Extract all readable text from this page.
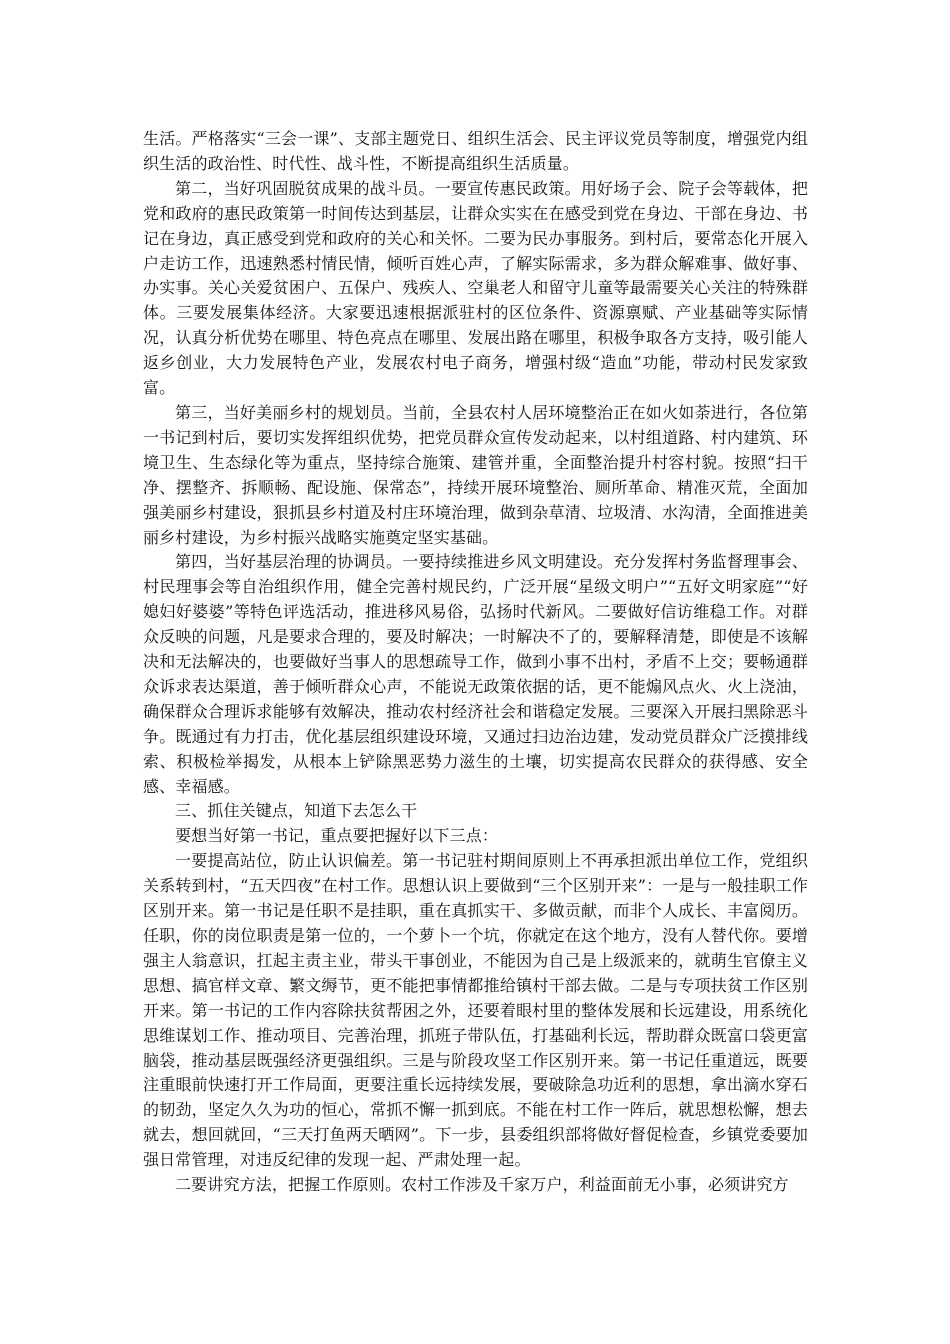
生活。严格落实“三会一课”、支部主题党日、组织生活会、民主评议党员等制度，增强党内组织生活的政治性、时代性、战斗性，不断提高组织生活质量。

第二，当好巩固脱贫成果的战斗员。一要宣传惠民政策。用好场子会、院子会等载体，把党和政府的惠民政策第一时间传达到基层，让群众实实在在感受到党在身边、干部在身边、书记在身边，真正感受到党和政府的关心和关怀。二要为民办事服务。到村后，要常态化开展入户走访工作，迅速熟悉村情民情，倾听百姓心声，了解实际需求，多为群众解难事、做好事、办实事。关心关爱贫困户、五保户、残疾人、空巢老人和留守儿童等最需要关心关注的特殊群体。三要发展集体经济。大家要迅速根据派驻村的区位条件、资源禀赋、产业基础等实际情况，认真分析优势在哪里、特色亮点在哪里、发展出路在哪里，积极争取各方支持，吸引能人返乡创业，大力发展特色产业，发展农村电子商务，增强村级“造血”功能，带动村民发家致富。

第三，当好美丽乡村的规划员。当前，全县农村人居环境整治正在如火如荼进行，各位第一书记到村后，要切实发挥组织优势，把党员群众宣传发动起来，以村组道路、村内建筑、环境卫生、生态绿化等为重点，坚持综合施策、建管并重，全面整治提升村容村貌。按照“扫干净、摆整齐、拆顺畅、配设施、保常态”，持续开展环境整治、厕所革命、精准灭荒，全面加强美丽乡村建设，狠抓县乡村道及村庄环境治理，做到杂草清、垃圾清、水沟清，全面推进美丽乡村建设，为乡村振兴战略实施奠定坚实基础。

第四，当好基层治理的协调员。一要持续推进乡风文明建设。充分发挥村务监督理事会、村民理事会等自治组织作用，健全完善村规民约，广泛开展“星级文明户”“五好文明家庭”“好媳妇好婆婆”等特色评选活动，推进移风易俗，弘扬时代新风。二要做好信访维稳工作。对群众反映的问题，凡是要求合理的，要及时解决；一时解决不了的，要解释清楚，即使是不该解决和无法解决的，也要做好当事人的思想疏导工作，做到小事不出村，矛盾不上交；要畅通群众诉求表达渠道，善于倾听群众心声，不能说无政策依据的话，更不能煽风点火、火上浇油，确保群众合理诉求能够有效解决，推动农村经济社会和谐稳定发展。三要深入开展扫黑除恶斗争。既通过有力打击，优化基层组织建设环境，又通过扫边治边建，发动党员群众广泛摸排线索、积极检举揭发，从根本上铲除黑恶势力滋生的土壤，切实提高农民群众的获得感、安全感、幸福感。

三、抓住关键点，知道下去怎么干

要想当好第一书记，重点要把握好以下三点：

一要提高站位，防止认识偏差。第一书记驻村期间原则上不再承担派出单位工作，党组织关系转到村，“五天四夜”在村工作。思想认识上要做到“三个区别开来”：一是与一般挂职工作区别开来。第一书记是任职不是挂职，重在真抓实干、多做贡献，而非个人成长、丰富阅历。任职，你的岗位职责是第一位的，一个萝卜一个坑，你就定在这个地方，没有人替代你。要增强主人翁意识，扛起主责主业，带头干事创业，不能因为自己是上级派来的，就萌生官僚主义思想、搞官样文章、繁文缛节，更不能把事情都推给镇村干部去做。二是与专项扶贫工作区别开来。第一书记的工作内容除扶贫帮困之外，还要着眼村里的整体发展和长远建设，用系统化思维谋划工作、推动项目、完善治理，抓班子带队伍，打基础利长远，帮助群众既富口袋更富脑袋，推动基层既强经济更强组织。三是与阶段攻坚工作区别开来。第一书记任重道远，既要注重眼前快速打开工作局面，更要注重长远持续发展，要破除急功近利的思想，拿出滴水穿石的韧劲，坚定久久为功的恒心，常抓不懈一抓到底。不能在村工作一阵后，就思想松懈，想去就去，想回就回，“三天打鱼两天晒网”。下一步，县委组织部将做好督促检查，乡镇党委要加强日常管理，对违反纪律的发现一起、严肃处理一起。

二要讲究方法，把握工作原则。农村工作涉及千家万户，利益面前无小事，必须讲究方
